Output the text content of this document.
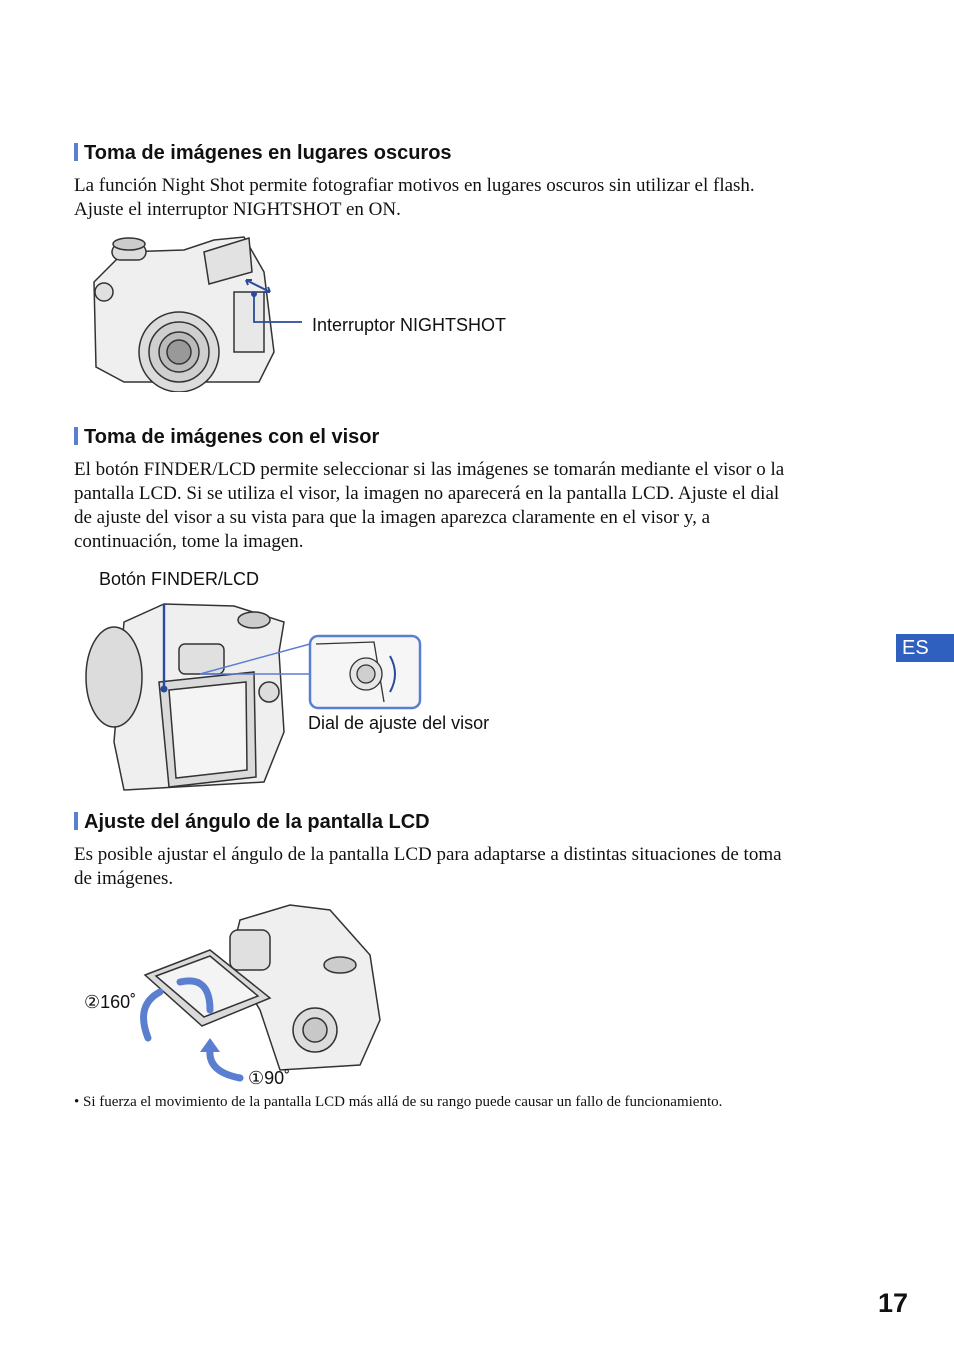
Toma de imágenes en lugares oscuros
La función Night Shot permite fotografiar motivos en lugares oscuros sin utilizar el flash.
Ajuste el interruptor NIGHTSHOT en ON.
Interruptor NIGHTSHOT
Toma de imágenes con el visor
El botón FINDER/LCD permite seleccionar si las imágenes se tomarán mediante el visor o la
pantalla LCD. Si se utiliza el visor, la imagen no aparecerá en la pantalla LCD. Ajuste el dial
de ajuste del visor a su vista para que la imagen aparezca claramente en el visor y, a
continuación, tome la imagen.
Botón FINDER/LCD
Dial de ajuste del visor
Ajuste del ángulo de la pantalla LCD
Es posible ajustar el ángulo de la pantalla LCD para adaptarse a distintas situaciones de toma
de imágenes.
②160˚
①90˚
• Si fuerza el movimiento de la pantalla LCD más allá de su rango puede causar un fallo de funcionamiento.
ES
17
